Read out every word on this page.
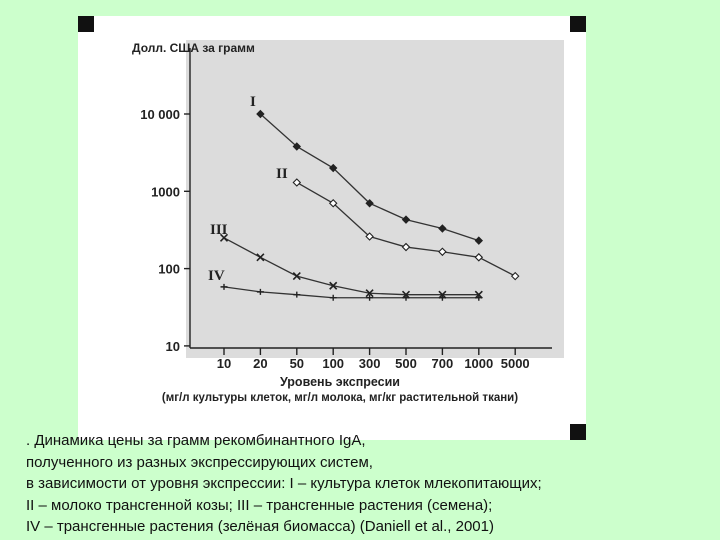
Долл. США за грамм
10 000
1000
100
10
10 20 50 100 300 500 700 1000 5000
Уровень экспресии
(мг/л культуры клеток, мг/л молока, мг/кг растительной ткани)
I
II
III
IV
. Динамика цены за грамм рекомбинантного IgA,
полученного из разных экспрессирующих систем,
в зависимости от уровня экспрессии: I – культура клеток млекопитающих;
II – молоко трансгенной козы; III – трансгенные растения (семена);
IV – трансгенные растения (зелёная биомасса) (Daniell et al., 2001)
